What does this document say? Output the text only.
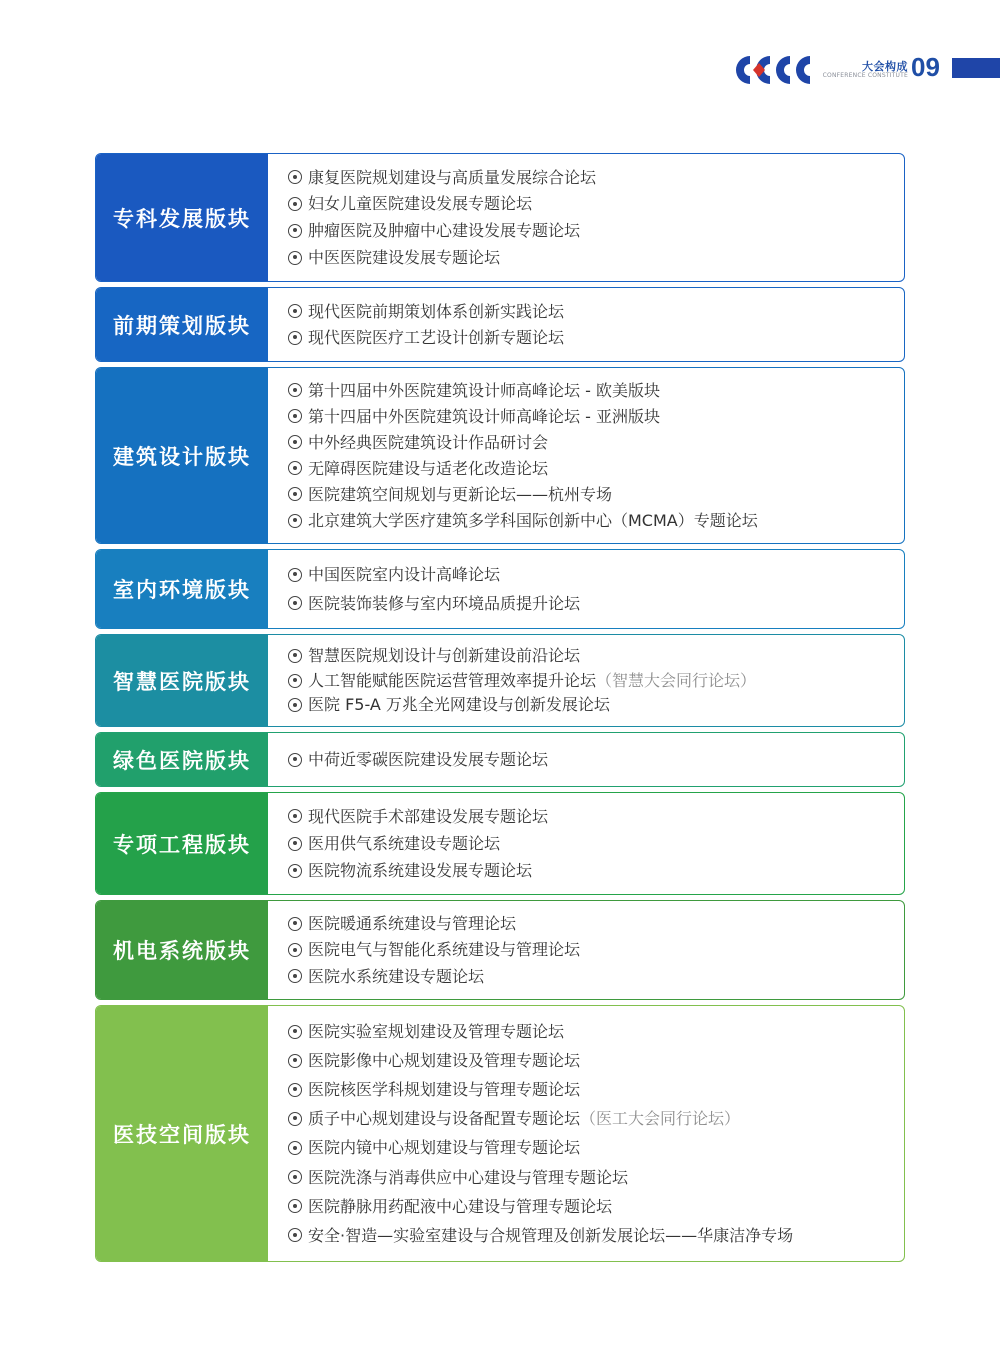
大会构成
CONFERENCE CONSTITUTE 09
专科发展版块
康复医院规划建设与高质量发展综合论坛
妇女儿童医院建设发展专题论坛
肿瘤医院及肿瘤中心建设发展专题论坛
中医医院建设发展专题论坛
前期策划版块
现代医院前期策划体系创新实践论坛
现代医院医疗工艺设计创新专题论坛
建筑设计版块
第十四届中外医院建筑设计师高峰论坛 - 欧美版块
第十四届中外医院建筑设计师高峰论坛 - 亚洲版块
中外经典医院建筑设计作品研讨会
无障碍医院建设与适老化改造论坛
医院建筑空间规划与更新论坛——杭州专场
北京建筑大学医疗建筑多学科国际创新中心（MCMA）专题论坛
室内环境版块
中国医院室内设计高峰论坛
医院装饰装修与室内环境品质提升论坛
智慧医院版块
智慧医院规划设计与创新建设前沿论坛
人工智能赋能医院运营管理效率提升论坛 （智慧大会同行论坛）
医院 F5-A 万兆全光网建设与创新发展论坛
绿色医院版块	中荷近零碳医院建设发展专题论坛
专项工程版块
现代医院手术部建设发展专题论坛
医用供气系统建设专题论坛
医院物流系统建设发展专题论坛
机电系统版块
医院暖通系统建设与管理论坛
医院电气与智能化系统建设与管理论坛
医院水系统建设专题论坛
医技空间版块
医院实验室规划建设及管理专题论坛
医院影像中心规划建设及管理专题论坛
医院核医学科规划建设与管理专题论坛
质子中心规划建设与设备配置专题论坛 （医工大会同行论坛）
医院内镜中心规划建设与管理专题论坛
医院洗涤与消毒供应中心建设与管理专题论坛
医院静脉用药配液中心建设与管理专题论坛
安全·智造—实验室建设与合规管理及创新发展论坛——华康洁净专场
